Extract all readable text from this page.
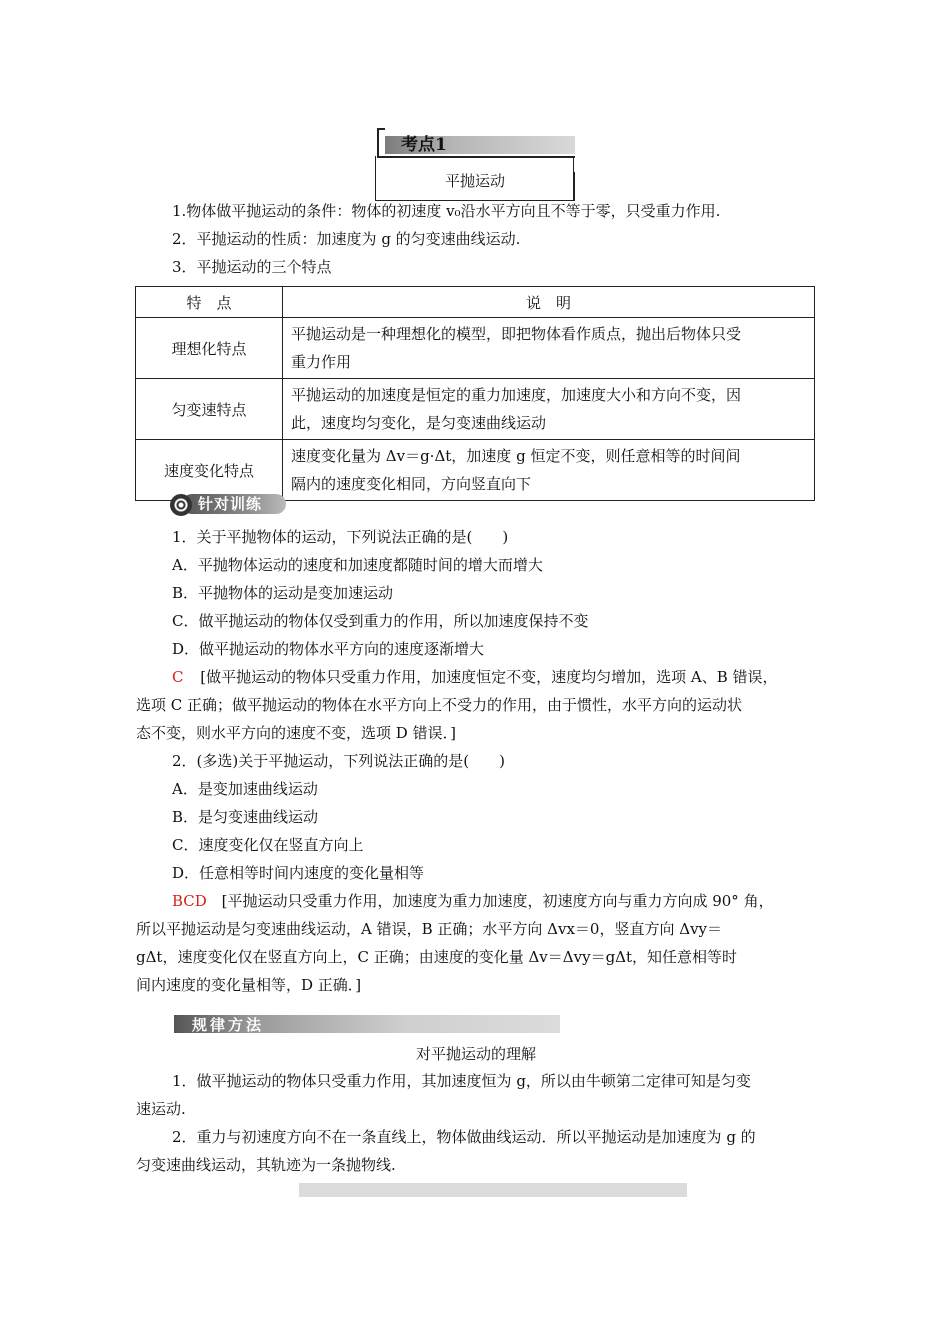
考点1
平抛运动
1.物体做平抛运动的条件：物体的初速度 v₀沿水平方向且不等于零，只受重力作用.
2．平抛运动的性质：加速度为 g 的匀变速曲线运动.
3．平抛运动的三个特点
特　点	说　明
理想化特点	平抛运动是一种理想化的模型，即把物体看作质点，抛出后物体只受
重力作用

匀变速特点	平抛运动的加速度是恒定的重力加速度，加速度大小和方向不变，因
此，速度均匀变化，是匀变速曲线运动

速度变化特点	速度变化量为 Δv＝g·Δt，加速度 g 恒定不变，则任意相等的时间间
隔内的速度变化相同，方向竖直向下
针对训练
1．关于平抛物体的运动，下列说法正确的是(　　)
A．平抛物体运动的速度和加速度都随时间的增大而增大
B．平抛物体的运动是变加速运动
C．做平抛运动的物体仅受到重力的作用，所以加速度保持不变
D．做平抛运动的物体水平方向的速度逐渐增大
C [做平抛运动的物体只受重力作用，加速度恒定不变，速度均匀增加，选项 A、B 错误，
选项 C 正确；做平抛运动的物体在水平方向上不受力的作用，由于惯性，水平方向的运动状
态不变，则水平方向的速度不变，选项 D 错误．]
2．(多选)关于平抛运动，下列说法正确的是(　　)
A．是变加速曲线运动
B．是匀变速曲线运动
C．速度变化仅在竖直方向上
D．任意相等时间内速度的变化量相等
BCD [平抛运动只受重力作用，加速度为重力加速度，初速度方向与重力方向成 90° 角，
所以平抛运动是匀变速曲线运动，A 错误，B 正确；水平方向 Δvx＝0，竖直方向 Δvy＝
gΔt，速度变化仅在竖直方向上，C 正确；由速度的变化量 Δv＝Δvy＝gΔt，知任意相等时
间内速度的变化量相等，D 正确．]
规律方法
对平抛运动的理解
1．做平抛运动的物体只受重力作用，其加速度恒为 g，所以由牛顿第二定律可知是匀变
速运动.
2．重力与初速度方向不在一条直线上，物体做曲线运动．所以平抛运动是加速度为 g 的
匀变速曲线运动，其轨迹为一条抛物线.
